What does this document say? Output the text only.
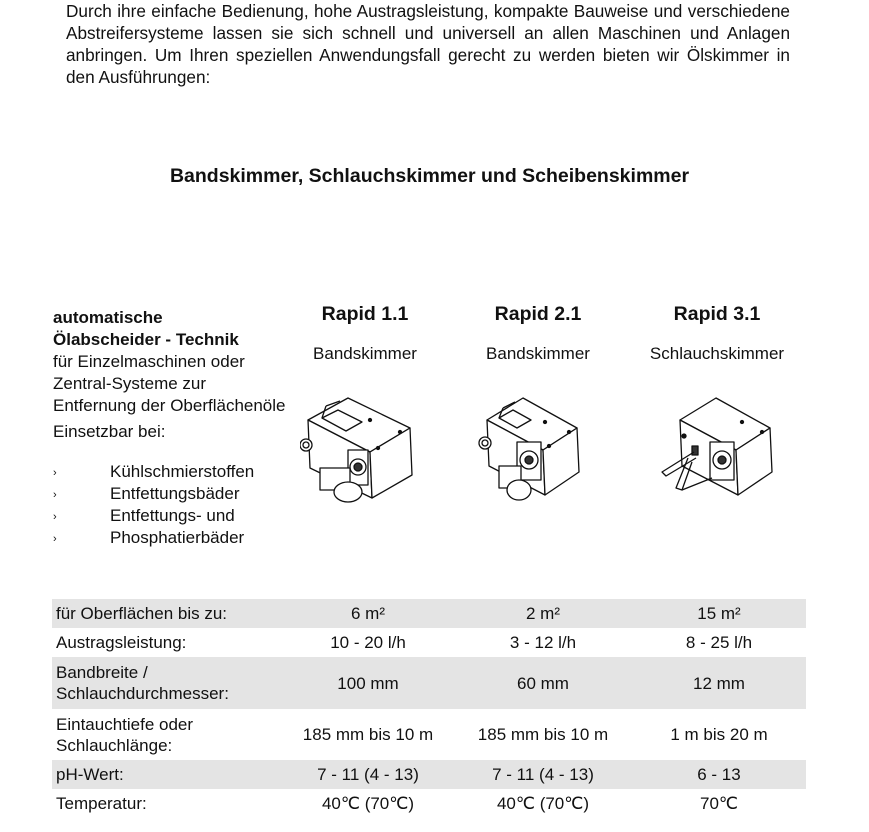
Durch ihre einfache Bedienung, hohe Austragsleistung, kompakte Bauweise und verschiedene Abstreifersysteme lassen sie sich schnell und universell an allen Maschinen und Anlagen anbringen. Um Ihren speziellen Anwendungsfall gerecht zu werden bieten wir Ölskimmer in den Ausführungen:

Bandskimmer, Schlauchskimmer und Scheibenskimmer
automatische
Ölabscheider - Technik
für Einzelmaschinen oder Zentral-Systeme zur Entfernung der Oberflächenöle
Einsetzbar bei:
›	Kühlschmierstoffen
›	Entfettungsbäder
›	Entfettungs- und
›	Phosphatierbäder
Rapid 1.1
Bandskimmer
Rapid 2.1
Bandskimmer
Rapid 3.1
Schlauchskimmer
für Oberflächen bis zu:	6 m²	2 m²	15 m²
Austragsleistung:	10 - 20 l/h	3 - 12 l/h	8 - 25 l/h
Bandbreite / Schlauchdurchmesser:	100 mm	60 mm	12 mm
Eintauchtiefe oder Schlauchlänge:	185 mm bis 10 m	185 mm bis 10 m	1 m bis 20 m
pH-Wert:	7 - 11 (4 - 13)	7 - 11 (4 - 13)	6 - 13
Temperatur:	40℃ (70℃)	40℃ (70℃)	70℃
